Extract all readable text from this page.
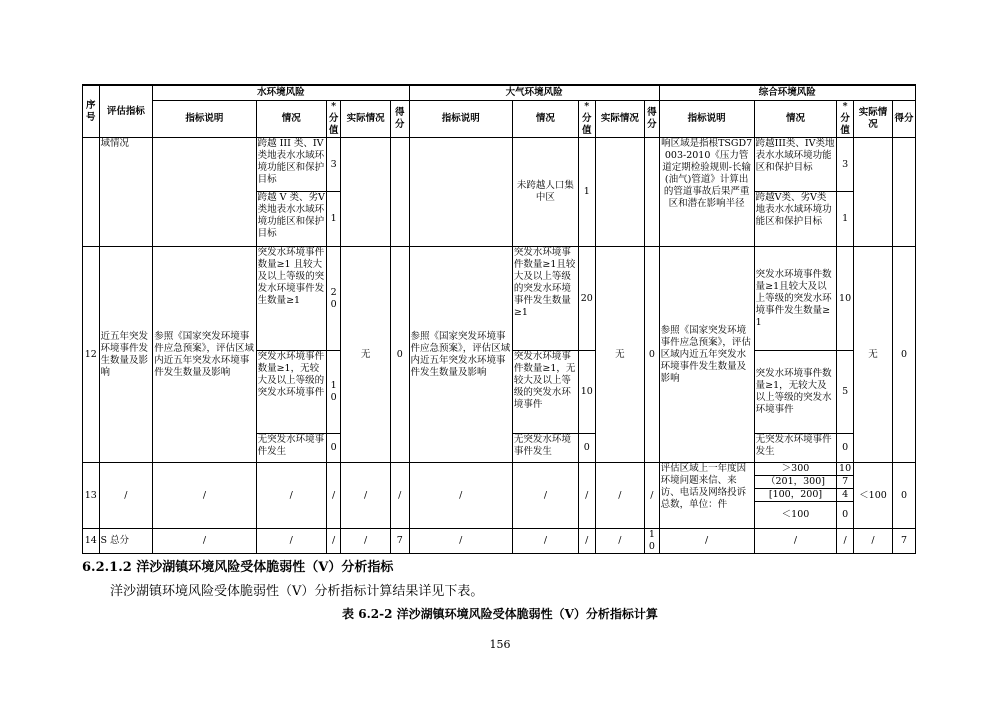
序号	评估指标	水环境风险					大气环境风险					综合环境风险				
		指标说明	情况	*分值	实际情况	得分	指标说明	情况	*分值	实际情况	得分	指标说明	情况	*分值	实际情况	得分
	域情况		跨越 III 类、IV类地表水水域环境功能区和保护目标	3				未跨越人口集中区	1			响区域是指根TSGD7003-2010《压力管道定期检验规则-长输(油气)管道》计算出的管道事故后果严重区和潜在影响半径	跨越III类、IV类地表水水域环境功能区和保护目标	3		
			跨越 V 类、劣V 类地表水水域环境功能区和保护目标	1									跨越V类、劣V类地表水水域环境功能区和保护目标	1		
12	近五年突发环境事件发生数量及影响	参照《国家突发环境事件应急预案》，评估区域内近五年突发水环境事件发生数量及影响	突发水环境事件数量≥1 且较大及以上等级的突发水环境事件发生数量≥1	20	无	0	参照《国家突发环境事件应急预案》，评估区域内近五年突发水环境事件发生数量及影响	突发水环境事件数量≥1且较大及以上等级的突发水环境事件发生数量≥1	20	无	0	参照《国家突发环境事件应急预案》，评估区域内近五年突发水环境事件发生数量及影响	突发水环境事件数量≥1且较大及以上等级的突发水环境事件发生数量≥1	10	无	0
			突发水环境事件数量≥1，无较大及以上等级的突发水环境事件	10				突发水环境事件数量≥1，无较大及以上等级的突发水环境事件	10				突发水环境事件数量≥1，无较大及以上等级的突发水环境事件	5		
			无突发水环境事件发生	0				无突发水环境事件发生	0				无突发水环境事件发生	0		
13	/	/	/	/	/	/	/	/	/	/	/	评估区域上一年度因环境问题来信、来访、电话及网络投诉总数，单位：件	＞300	10	＜100	0
													（201，300]	7		
													[100，200]	4		
													＜100	0		
14	S 总分	/	/	/	/	7	/	/	/	/	10	/	/	/	/	7
6.2.1.2 洋沙湖镇环境风险受体脆弱性（V）分析指标

洋沙湖镇环境风险受体脆弱性（V）分析指标计算结果详见下表。

表 6.2-2 洋沙湖镇环境风险受体脆弱性（V）分析指标计算

156
